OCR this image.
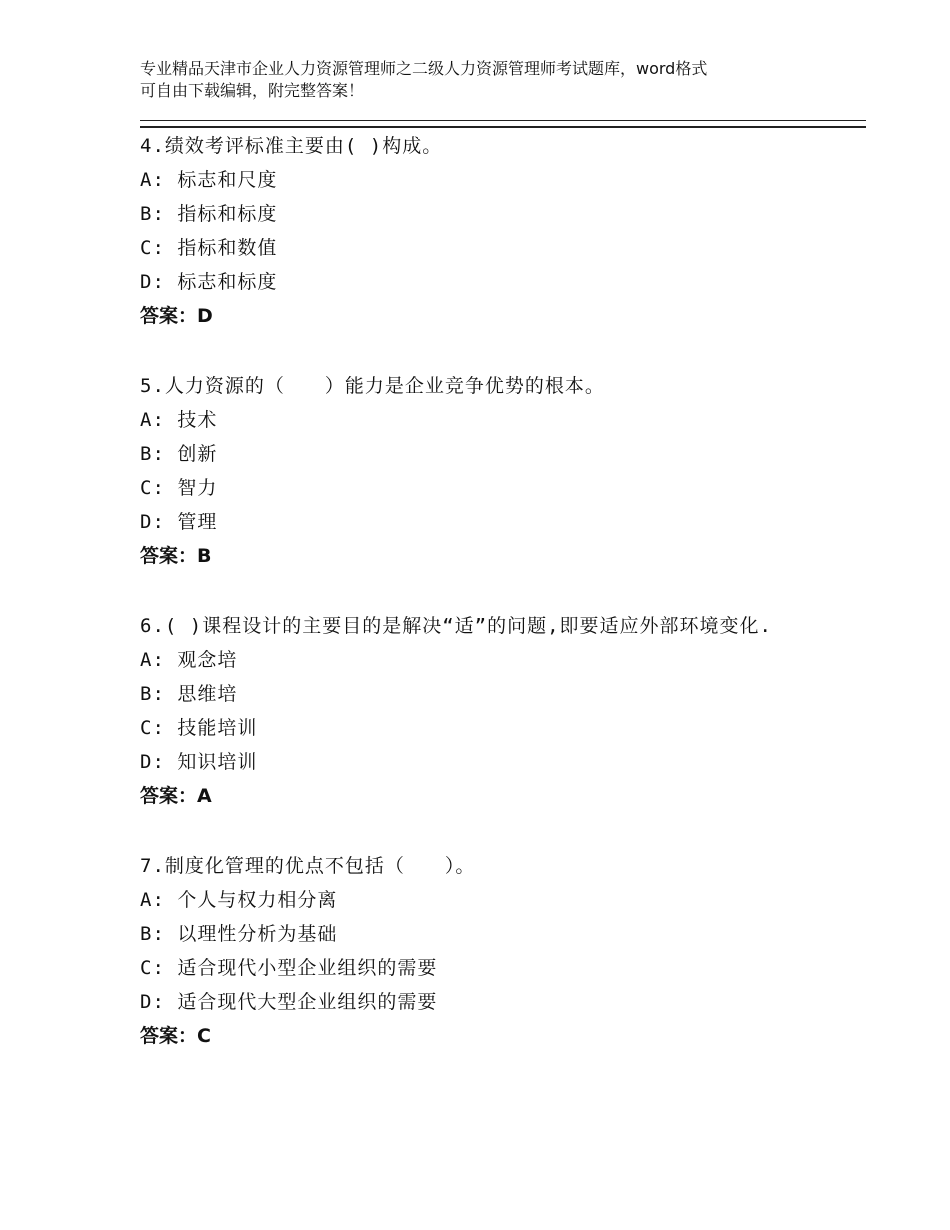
专业精品天津市企业人力资源管理师之二级人力资源管理师考试题库，word格式
可自由下载编辑，附完整答案！
4.绩效考评标准主要由( )构成。
A: 标志和尺度
B: 指标和标度
C: 指标和数值
D: 标志和标度
答案：D
5.人力资源的（　　）能力是企业竞争优势的根本。
A: 技术
B: 创新
C: 智力
D: 管理
答案：B
6.( )课程设计的主要目的是解决“适”的问题,即要适应外部环境变化.
A: 观念培
B: 思维培
C: 技能培训
D: 知识培训
答案：A
7.制度化管理的优点不包括（　　）。
A: 个人与权力相分离
B: 以理性分析为基础
C: 适合现代小型企业组织的需要
D: 适合现代大型企业组织的需要
答案：C
